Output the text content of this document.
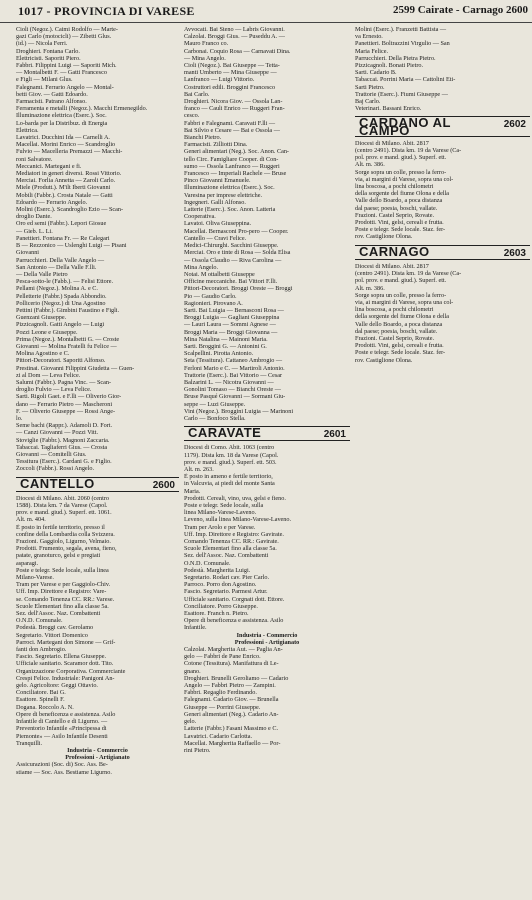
1017 - PROVINCIA DI VARESE	2599 Cairate - Carnago 2600
Cioli (Negoz.). Caimi Rodolfo — Marte-
gazi Carlo (motocicli) — Zibetti Glus.
(id.) — Nicola Ferri.
Droghieri. Fontana Carlo.
Elettricisti. Saporiti Piero.
Fabbri. Filippini Luigi — Saporiti Mich.
— Montalbetti F. — Gatti Francesco
e Figli — Milani Glus.
Falegnami. Ferrario Angelo — Montal-
betti Giov. — Gatti Edoardo.
Farmacisti. Patrano Alfonso.
Ferramenta e metalli (Negoz.). Macchi Ermenegildo.
Illuminazione elettrica (Eserc.). Soc.
Lo-barda per la Distribuz. di Energia
Elettrica.
Lavatrici. Ducchini Ida — Carnelli A.
Macellai. Morini Enrico — Scandroglio
Fulvio — Macelleria Premazzi — Macchi-
roni Salvatore.
Meccanici. Martegani e fi.
Mediatori in generi diversi. Rossi Vittorio.
Merciai. Forlia Annetta — Zaroli Carlo.
Miele (Produtt.). M'ilt Iberti Giovanni
Mobili (Fabbr.). Crosta Natale — Gatti
Edoardo — Ferrario Angelo.
Molini (Eserc.). Scandroglio Ezio — Scan-
droglio Dante.
Oro ed semi (Fabbr.). Lepori Giosue
— Gieb. L. Li.
Panettieri. Fontana Fr. — Re Calegari
B — Rezzonico — Uslenghi Luigi — Pisani
Giovanni
Parrucchieri. Della Valle Angelo —
San Antonio — Della Valle F.lli.
— Della Valle Pietro
Pesca-sotto-le (Fabb.). — Felisi Ettore.
Pellami (Negoz.). Molina A. e C.
Pelletterie (Fabbr.) Spada Abbondio.
Pollicerio (Negoz.) di Una Agostino
Pettini (Fabbr.). Gimbini Faustino e Figli.
Guenzani Giuseppe.
Pizzicagnoli. Gatti Angelo — Luigi
Pozzi Leone e Giuseppe.
Prima (Negoz.). Montalbetti G. — Croste
Giovanni — Molina Fratelli fu Felice —
Molina Agostino e C.
Pittori-Decoratori. Saporiti Alfonso.
Prestinai. Giovanni Filippini Giudetta — Guen-
zi al Dom — Leva Felice.
Salumi (Fabbr.). Pagna Vinc. — Scan-
droglio Fulvio — Leva Felice.
Sarti. Rigoli Gaet. e F.lli — Oliverio Gior-
dano — Ferrario Pietro — Mascheroni
F. — Oliverio Giuseppe — Rossi Ange-
lo.
Seme bachi (Rappr.). Adamoli D. Fort.
— Canzi Giovanni — Pozzi Vitt.
Stoviglie (Fabbr.). Magnoni Zaccaria.
Tabaccai. Tagliaferri Gius. — Crosta
Giovanni — Comitelli Gius.
Tessitura (Eserc.). Cardani G. e Figlio.
Zoccoli (Fabbr.). Rossi Angelo.
CANTELLO	2600
Diocesi di Milano. Abit. 2060 (centro
1588). Dista km. 7 da Varese (Capol.
prov. e mand. giud.). Superf. ett. 1061.
Alt. m. 404.
È posto in fertile territorio, presso il
confine della Lombardia colla Svizzera.
Frazioni. Gaggiolo, Ligurno, Velmaio.
Prodotti. Frumento, segala, avena, fieno,
patate, granoturco, gelsi e pregiati
asparagi.
Poste e telegr. Sede locale, sulla linea
Milano-Varese.
Tram per Varese e per Gaggiolo-Chiv.
Uff. Imp. Direttore e Registro: Vare-
se. Comando Tenenza CC. RR.: Varese.
Scuole Elementari fino alla classe 5a.
Sez. dell'Assoc. Naz. Combattenti
O.N.D. Comunale.
Podestà. Broggi cav. Gerolamo
Segretario. Vittori Domenico
Parroci. Martegani don Simone — Grif-
fanti don Ambrogio.
Fascio. Segretario. Ellena Giuseppe.
Ufficiale sanitario. Scaramor dott. Tito.
Organizzazione Corporativa. Commerciante
Crespi Felice. Industriale: Panigoni An-
gelo. Agricoltore: Geggi Ottavio.
Conciliatore. Bai G.
Esattore. Spinelli F.
Dogana. Roccolo A. N.
Opere di beneficenza e assistenza. Asilo
Infantile di Cantello e di Ligurno. —
Preventorio Infantile «Principessa di
Piemonte» — Asilo Infantile Desenti
Tranquilli.
Industria - Commercio
Professioni - Artigianato
Assicurazioni (Soc. di) Soc. Ass. Be-
stiame — Soc. Ass. Bestiame Ligurno.
Avvocati. Bai Steno — Labris Giovanni.
Calzolai. Broggi Gius. — Puseddu A. —
Mauro Franco co.
Carbonai. Coquio Rosa — Carnavati Dina.
— Mina Angelo.
Cioli (Negoz.). Bai Giuseppe — Tetta-
manti Umberto — Mina Giuseppe —
Lanfranco — Luigi Vittorio.
Costruttori edili. Broggini Francesco
Bai Carlo.
Droghieri. Nicora Giov. — Ossola Lan-
franco — Cauli Enrico — Ruggeri Fran-
cesco.
Fabbri e Falegnami. Caravati F.lli —
Bai Silvio e Cesare — Bai e Ossola —
Bianchi Pietro.
Farmacisti. Zilliotti Dina.
Generi alimentari (Neg.). Soc. Anon. Can-
tello Circ. Famigliare Cooper. di Con-
sumo — Ossola Lanfranco — Ruggeri
Francesco — Imperiali Rachele — Bruse
Pinco Giovanni Emanuele.
Illuminazione elettrica (Eserc.). Soc.
Varesina per imprese elettriche.
Ingegneri. Galli Alfonso.
Latterie (Eserc.). Soc. Anon. Latteria
Cooperativa.
Lavatoi. Oliva Giuseppina.
Macellai. Bernasconi Pro-pero — Cooper.
Cantello — Cravi Felice.
Medici-Chirurghi. Sacchini Giuseppe.
Merciai. Oro e tinte di Rosa — Solda Elisa
— Ossola Claudio — Riva Carolina —
Mina Angelo.
Notai. M ottalbetti Giuseppe
Officine meccaniche. Bai Vittori F.lli.
Pittori-Decoratori. Broggi Oreste — Broggi
Pio — Gaudio Carlo.
Ragionieri. Pirovano A.
Sarti. Bai Luigia — Bernasconi Rosa —
Broggi Luigia — Gagliani Giuseppina
— Lauri Laura — Sommi Agnese —
Broggi Maria — Broggi Giovanna —
Mina Natalina — Mainoni Maria.
Sarti. Broggini G. — Antonini G.
Scalpellini. Pirotta Antonio.
Seta (Tessitura). Cattaneo Ambrogio —
Ferloni Mario e C. — Martiroli Antonio.
Trattorie (Eserc.). Bai Vittorio — Cesar
Balzarini L. — Nicotra Giovanni —
Gonolini Tomaso — Bianchi Oreste —
Bruse Pasqué Giovanni — Sormani Giu-
seppe — Luzi Giuseppe.
Vini (Negoz.). Broggini Luigia — Marinoni
Carlo — Bonfoco Stella.
CARAVATE	2601
Diocesi di Como. Abit. 1063 (centro
1179). Dista km. 18 da Varese (Capol.
prov. e mand. giud.). Superf. ett. 503.
Alt. m. 263.
È posto in ameno e fertile territorio,
in Valcuvia, ai piedi del monte Santa
Maria.
Prodotti. Cereali, vino, uva, gelsi e fieno.
Poste e telegr. Sede locale, sulla
linea Milano-Varese-Laveno.
Leveno, sulla linea Milano-Varese-Laveno.
Tram per Arolo e per Varese.
Uff. Imp. Direttore e Registro: Gavirate.
Comando Tenenza CC. RR.: Gavirate.
Scuole Elementari fino alla classe 5a.
Sez. dell'Assoc. Naz. Combattenti
O.N.D. Comunale.
Podestà. Margherita Luigi.
Segretario. Rodari cav. Pier Carlo.
Parroco. Porro don Agostino.
Fascio. Segretario. Parmesi Artur.
Ufficiale sanitario. Corgnati dott. Ettore.
Conciliatore. Porro Giuseppe.
Esattore. Franch n. Pietro.
Opere di beneficenza e assistenza. Asilo
Infantile.
Industria - Commercio
Professioni - Artigianato
Calzolai. Margherita Aut. — Paglia An-
gelo — Fabbri de Pane Enrico.
Cotone (Tessitura). Manifattura di Le-
gnano.
Droghieri. Brunelli Geroliamo — Cadario
Angelo — Fabbri Pietro — Zampini.
Fabbri. Regaglio Ferdinando.
Falegnami. Cadario Giov. — Brunella
Giuseppe — Porrini Giuseppe.
Generi alimentari (Neg.). Cadario An-
gelo.
Latterie (Fabbr.) Fasani Massimo e C.
Lavatrici. Cadario Carlotta.
Macellai. Margherita Raffaello — Por-
rini Pietro.
Molini (Eserc.). Franzetti Battista —
va Ernesto.
Panettieri. Boltrazzini Virgulio — San
Maria Felice.
Parrucchieri. Della Pietra Pietro.
Pizzicagnoli. Bonati Pietro.
Sarti. Cadario B.
Tabaccai. Porrini Maria — Cattolini Eti-
Sarti Pietro.
Trattorie (Eserc.). Fiumi Giuseppe —
Baj Carlo.
Veterinari. Bassani Enrico.
CARDANO AL CAMPO	2602
Diocesi di Milano. Abit. 2817
(centro 2491). Dista km. 19 da Varese (Ca-
pol. prov. e mand. giud.). Superf. ett.
Alt. m. 386.
Sorge sopra un colle, presso la ferro-
via, ai margini di Varese, sopra una col-
lina boscosa, a pochi chilometri
della sorgente del fiume Olona e della
Valle dello Boardo, a poca distanza
dal paese; poesia, boschi, vallate.
Frazioni. Castel Seprio, Rovate.
Prodotti. Vini, gelsi, cereali e frutta.
Poste e telegr. Sede locale. Staz. fer-
rov. Castiglione Olona.
CARNAGO	2603
Diocesi di Milano. Abit. 2817
(centro 2491). Dista km. 19 da Varese (Ca-
pol. prov. e mand. giud.). Superf. ett.
Alt. m. 386.
Sorge sopra un colle, presso la ferro-
via, ai margini di Varese, sopra una col-
lina boscosa, a pochi chilometri
della sorgente del fiume Olona e della
Valle dello Boardo, a poca distanza
dal paese; poesia, boschi, vallate.
Frazioni. Castel Seprio, Rovate.
Prodotti. Vini, gelsi, cereali e frutta.
Poste e telegr. Sede locale. Staz. fer-
rov. Castiglione Olona.
